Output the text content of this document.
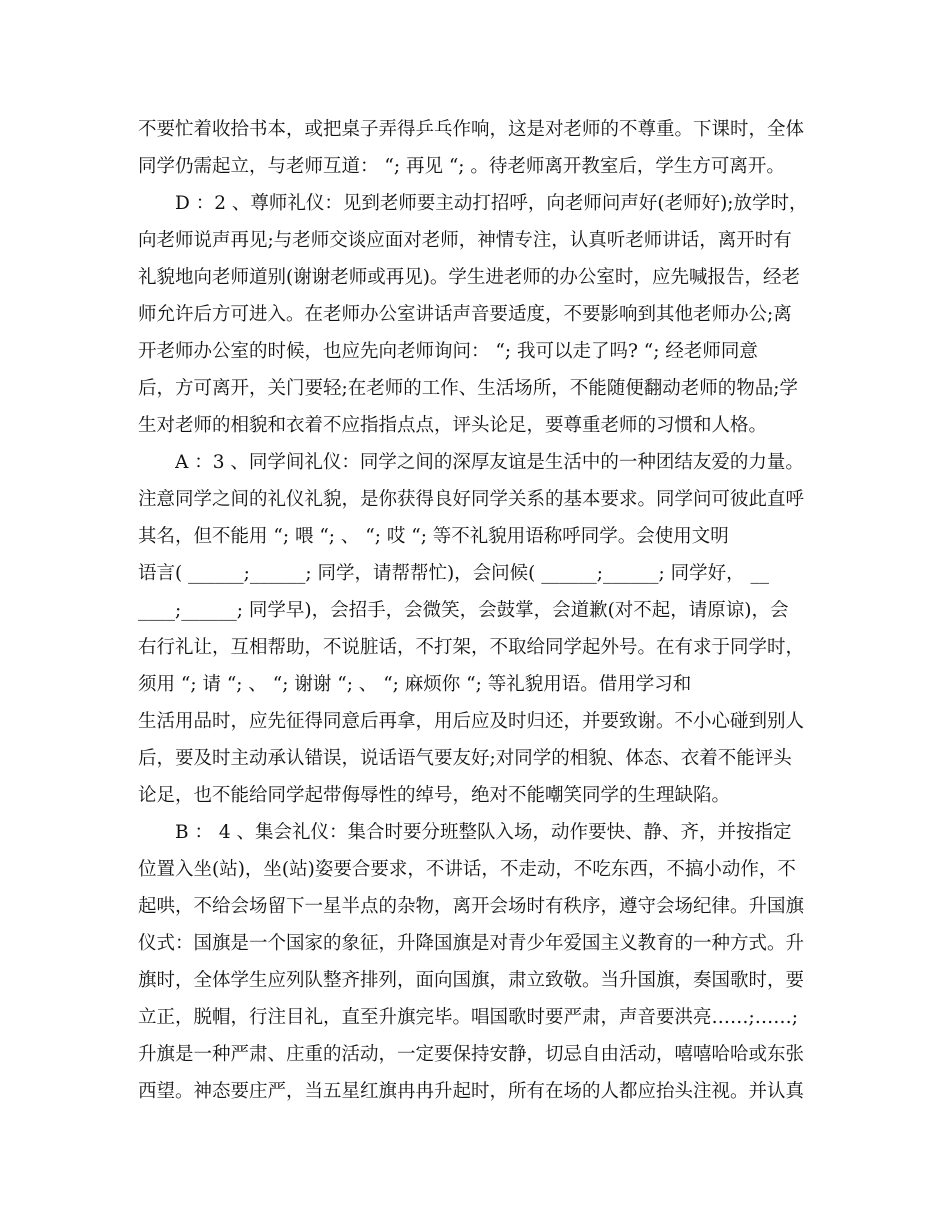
不要忙着收拾书本，或把桌子弄得乒乓作响，这是对老师的不尊重。下课时，全体
同学仍需起立，与老师互道： “; 再见 “; 。待老师离开教室后，学生方可离开。
D ：2 、尊师礼仪：见到老师要主动打招呼，向老师问声好(老师好);放学时，
向老师说声再见;与老师交谈应面对老师，神情专注，认真听老师讲话，离开时有
礼貌地向老师道别(谢谢老师或再见)。学生进老师的办公室时，应先喊报告，经老
师允许后方可进入。在老师办公室讲话声音要适度，不要影响到其他老师办公;离
开老师办公室的时候，也应先向老师询问： “; 我可以走了吗? “; 经老师同意
后，方可离开，关门要轻;在老师的工作、生活场所，不能随便翻动老师的物品;学
生对老师的相貌和衣着不应指指点点，评头论足，要尊重老师的习惯和人格。
A ：3 、同学间礼仪：同学之间的深厚友谊是生活中的一种团结友爱的力量。
注意同学之间的礼仪礼貌，是你获得良好同学关系的基本要求。同学问可彼此直呼
其名，但不能用 “; 喂 “; 、 “; 哎 “; 等不礼貌用语称呼同学。会使用文明
语言( ______;______; 同学，请帮帮忙)，会问候( ______;______; 同学好， __
____;______; 同学早)，会招手，会微笑，会鼓掌，会道歉(对不起，请原谅)，会
右行礼让，互相帮助，不说脏话，不打架，不取给同学起外号。在有求于同学时，
须用 “; 请 “; 、 “; 谢谢 “; 、 “; 麻烦你 “; 等礼貌用语。借用学习和
生活用品时，应先征得同意后再拿，用后应及时归还，并要致谢。不小心碰到别人
后，要及时主动承认错误，说话语气要友好;对同学的相貌、体态、衣着不能评头
论足，也不能给同学起带侮辱性的绰号，绝对不能嘲笑同学的生理缺陷。
B ： 4 、集会礼仪：集合时要分班整队入场，动作要快、静、齐，并按指定
位置入坐(站)，坐(站)姿要合要求，不讲话，不走动，不吃东西，不搞小动作，不
起哄，不给会场留下一星半点的杂物，离开会场时有秩序，遵守会场纪律。升国旗
仪式：国旗是一个国家的象征，升降国旗是对青少年爱国主义教育的一种方式。升
旗时，全体学生应列队整齐排列，面向国旗，肃立致敬。当升国旗，奏国歌时，要
立正，脱帽，行注目礼，直至升旗完毕。唱国歌时要严肃，声音要洪亮……;……;
升旗是一种严肃、庄重的活动，一定要保持安静，切忌自由活动，嘻嘻哈哈或东张
西望。神态要庄严，当五星红旗冉冉升起时，所有在场的人都应抬头注视。并认真
